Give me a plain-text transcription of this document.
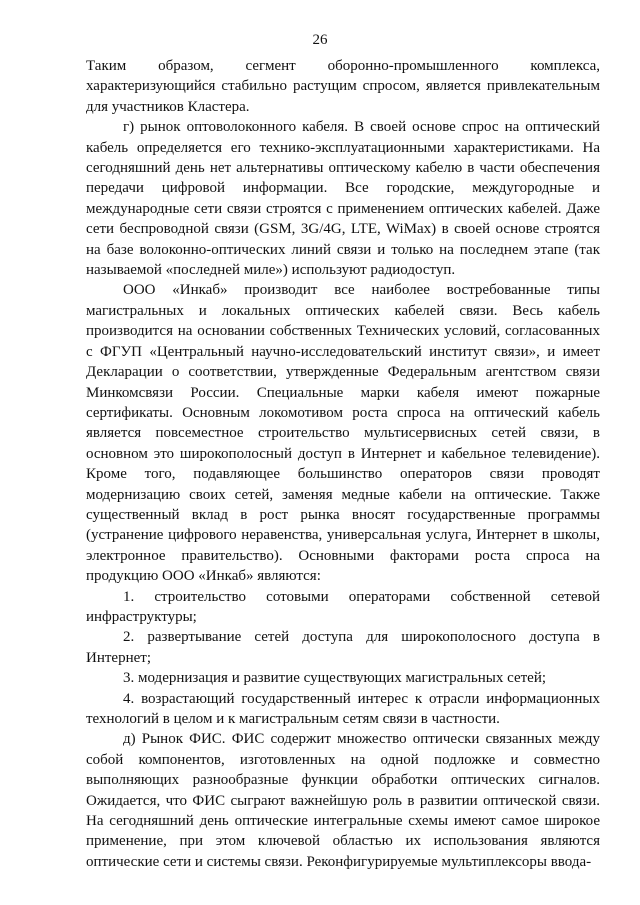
26

Таким образом, сегмент оборонно-промышленного комплекса, характеризующийся стабильно растущим спросом, является привлекательным для участников Кластера.

г) рынок оптоволоконного кабеля. В своей основе спрос на оптический кабель определяется его технико-эксплуатационными характеристиками. На сегодняшний день нет альтернативы оптическому кабелю в части обеспечения передачи цифровой информации. Все городские, междугородные и международные сети связи строятся с применением оптических кабелей. Даже сети беспроводной связи (GSM, 3G/4G, LTE, WiMax) в своей основе строятся на базе волоконно-оптических линий связи и только на последнем этапе (так называемой «последней миле») используют радиодоступ.

ООО «Инкаб» производит все наиболее востребованные типы магистральных и локальных оптических кабелей связи. Весь кабель производится на основании собственных Технических условий, согласованных с ФГУП «Центральный научно-исследовательский институт связи», и имеет Декларации о соответствии, утвержденные Федеральным агентством связи Минкомсвязи России. Специальные марки кабеля имеют пожарные сертификаты. Основным локомотивом роста спроса на оптический кабель является повсеместное строительство мультисервисных сетей связи, в основном это широкополосный доступ в Интернет и кабельное телевидение). Кроме того, подавляющее большинство операторов связи проводят модернизацию своих сетей, заменяя медные кабели на оптические. Также существенный вклад в рост рынка вносят государственные программы (устранение цифрового неравенства, универсальная услуга, Интернет в школы, электронное правительство). Основными факторами роста спроса на продукцию ООО «Инкаб» являются:

1. строительство сотовыми операторами собственной сетевой инфраструктуры;

2. развертывание сетей доступа для широкополосного доступа в Интернет;

3. модернизация и развитие существующих магистральных сетей;

4. возрастающий государственный интерес к отрасли информационных технологий в целом и к магистральным сетям связи в частности.

д) Рынок ФИС. ФИС содержит множество оптически связанных между собой компонентов, изготовленных на одной подложке и совместно выполняющих разнообразные функции обработки оптических сигналов. Ожидается, что ФИС сыграют важнейшую роль в развитии оптической связи. На сегодняшний день оптические интегральные схемы имеют самое широкое применение, при этом ключевой областью их использования являются оптические сети и системы связи. Реконфигурируемые мультиплексоры ввода-
